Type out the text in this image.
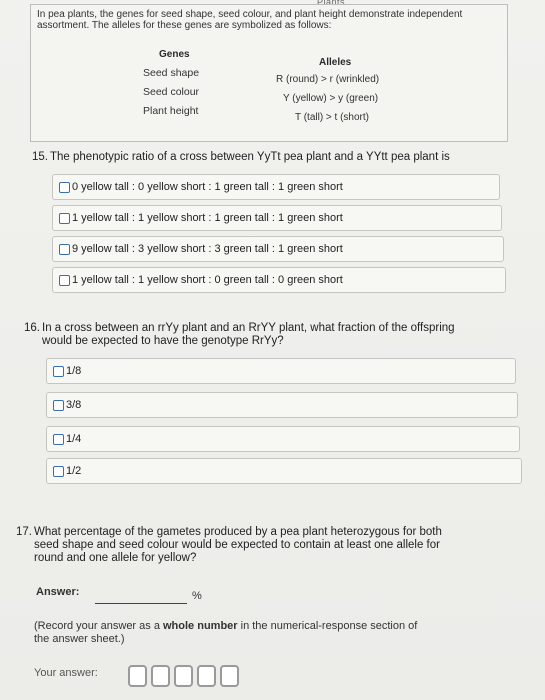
In pea plants, the genes for seed shape, seed colour, and plant height demonstrate independent assortment. The alleles for these genes are symbolized as follows:
Genes
Alleles
Seed shape
Seed colour
Plant height
R (round) > r (wrinkled)
Y (yellow) > y (green)
T (tall) > t (short)
15. The phenotypic ratio of a cross between YyTt pea plant and a YYtt pea plant is
0 yellow tall : 0 yellow short : 1 green tall : 1 green short
1 yellow tall : 1 yellow short : 1 green tall : 1 green short
9 yellow tall : 3 yellow short : 3 green tall : 1 green short
1 yellow tall : 1 yellow short : 0 green tall : 0 green short
16. In a cross between an rrYy plant and an RrYY plant, what fraction of the offspring
would be expected to have the genotype RrYy?
1/8
3/8
1/4
1/2
17. What percentage of the gametes produced by a pea plant heterozygous for both
seed shape and seed colour would be expected to contain at least one allele for
round and one allele for yellow?
Answer:	%
(Record your answer as a whole number in the numerical-response section of
the answer sheet.)
Your answer:
